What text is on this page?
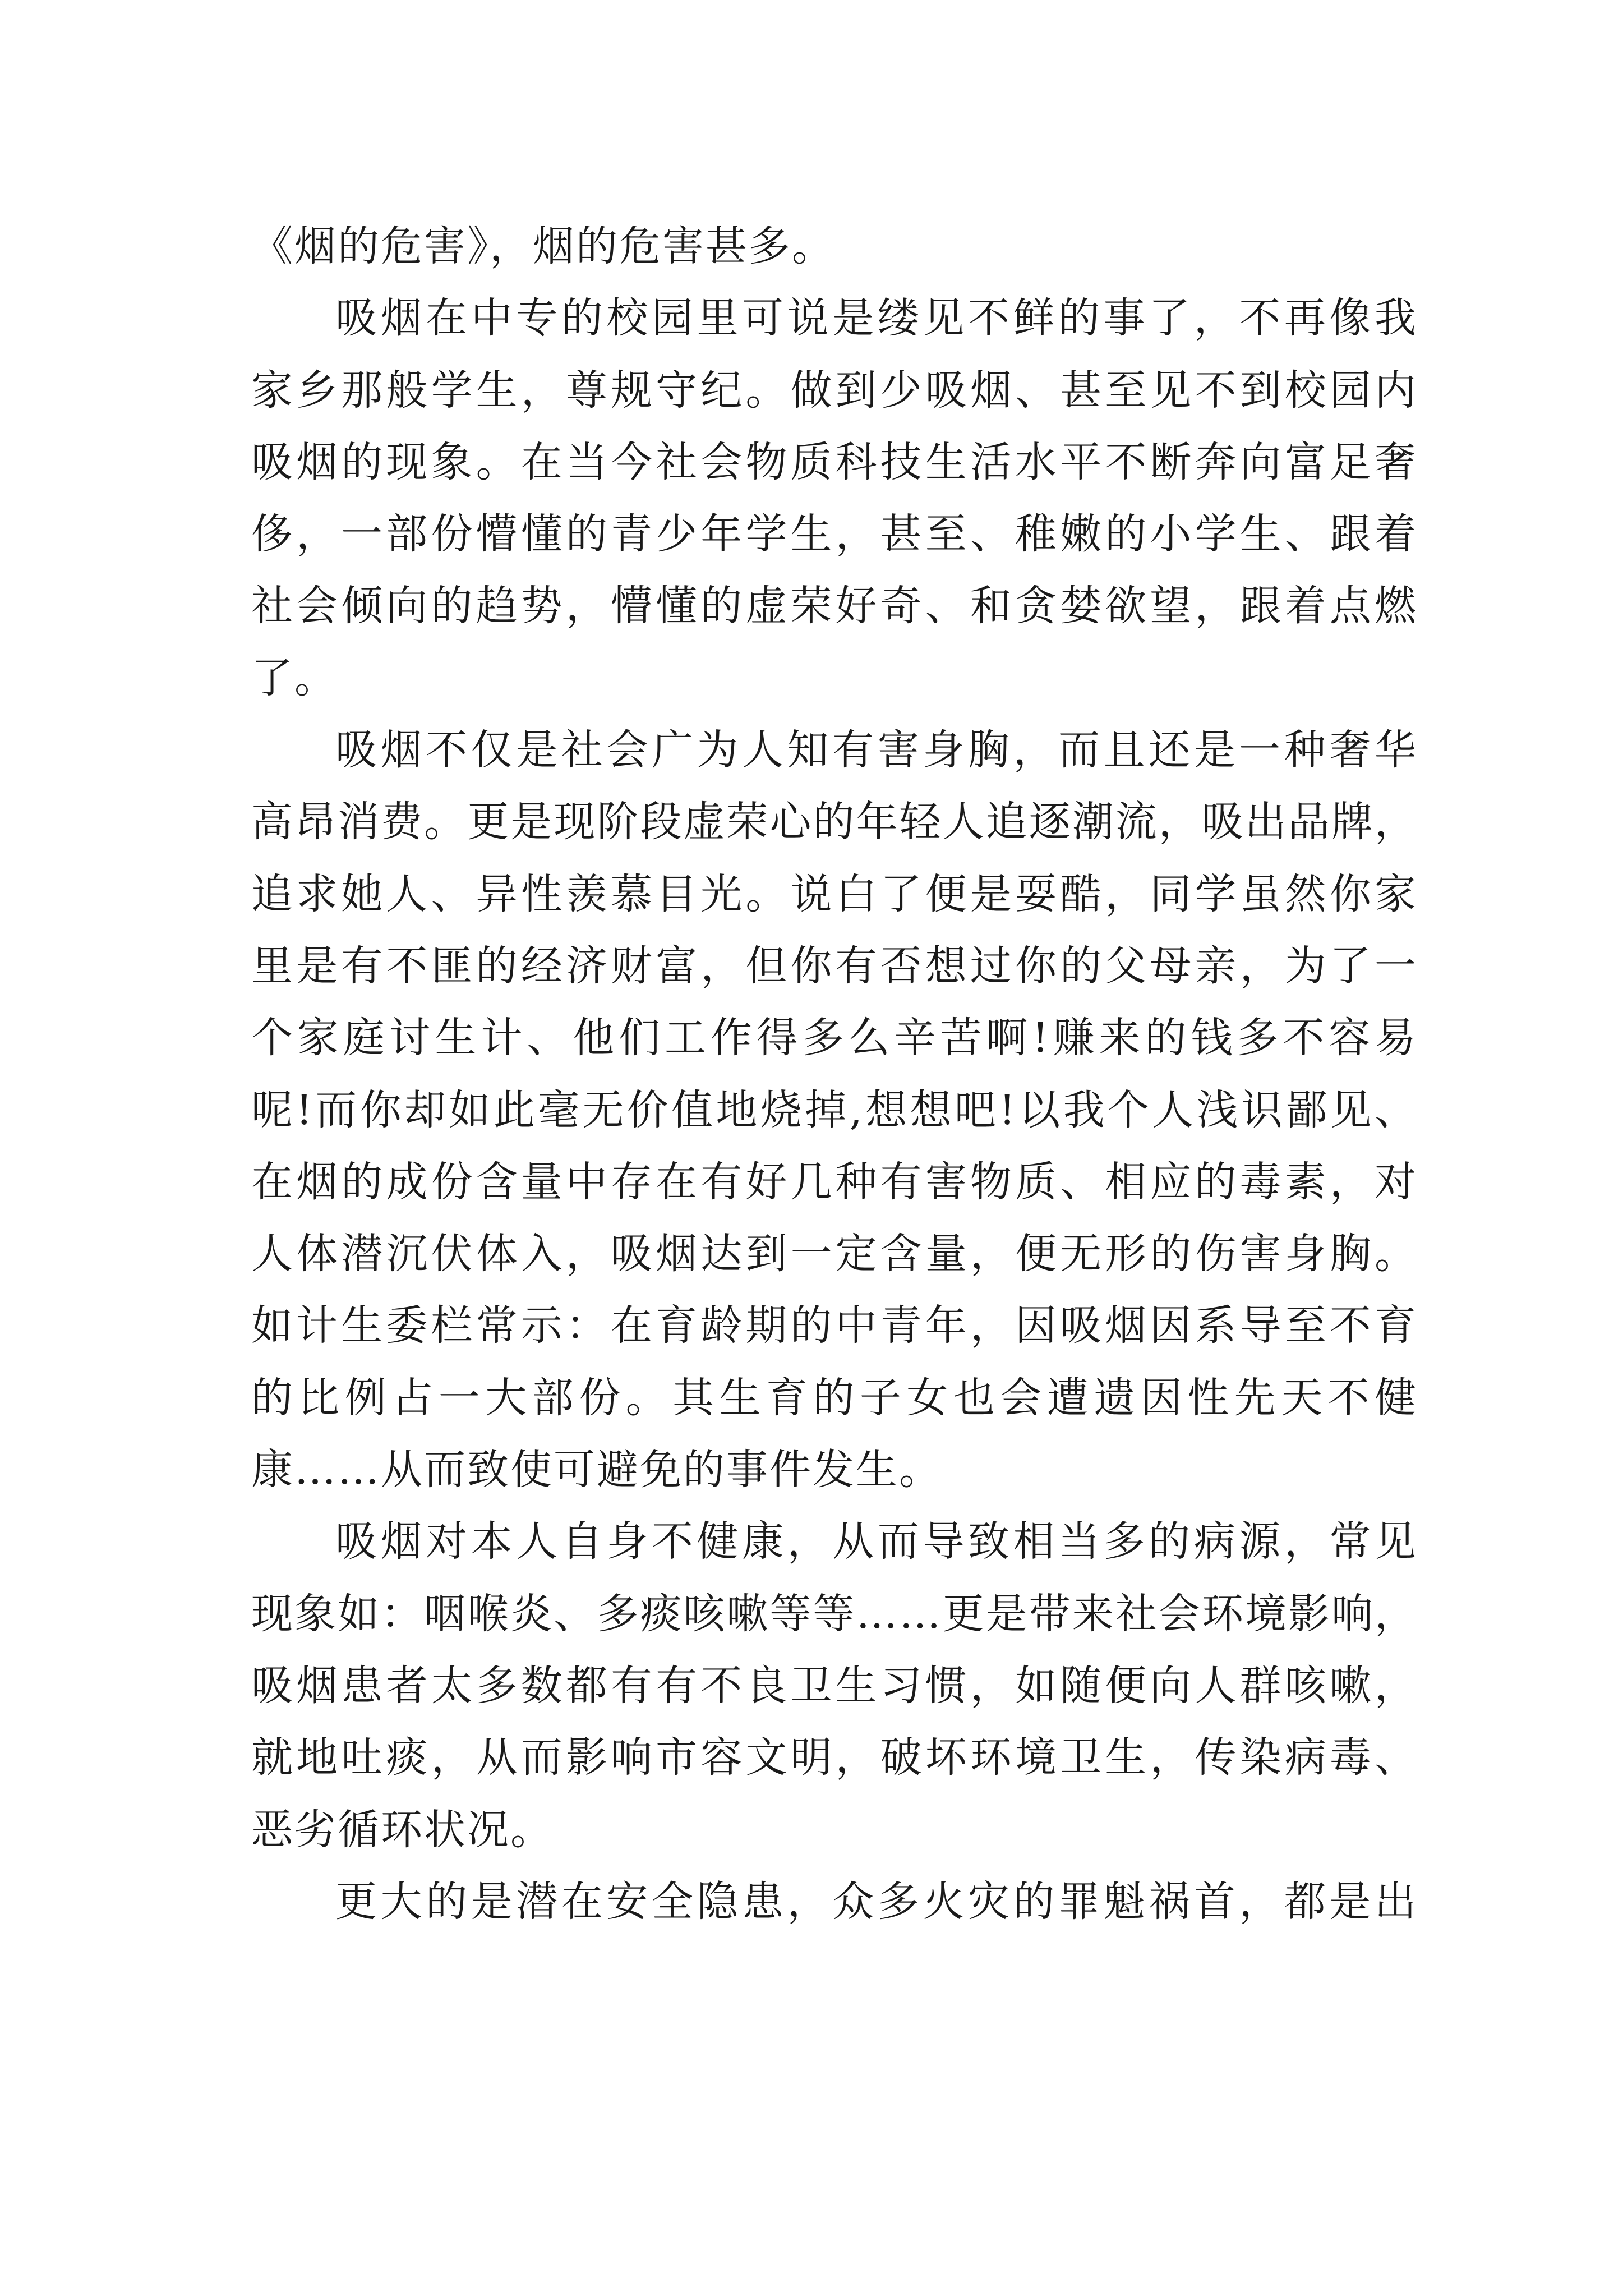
《烟的危害》，烟的危害甚多。
吸烟在中专的校园里可说是缕见不鲜的事了，不再像我
家乡那般学生，尊规守纪。做到少吸烟、甚至见不到校园内
吸烟的现象。在当今社会物质科技生活水平不断奔向富足奢
侈，一部份懵懂的青少年学生，甚至、稚嫩的小学生、跟着
社会倾向的趋势，懵懂的虚荣好奇、和贪婪欲望，跟着点燃
了。
吸烟不仅是社会广为人知有害身胸，而且还是一种奢华
高昂消费。更是现阶段虚荣心的年轻人追逐潮流，吸出品牌，
追求她人、异性羡慕目光。说白了便是耍酷，同学虽然你家
里是有不匪的经济财富，但你有否想过你的父母亲，为了一
个家庭讨生计、他们工作得多么辛苦啊!赚来的钱多不容易
呢!而你却如此毫无价值地烧掉,想想吧!以我个人浅识鄙见、
在烟的成份含量中存在有好几种有害物质、相应的毒素，对
人体潜沉伏体入，吸烟达到一定含量，便无形的伤害身胸。
如计生委栏常示：在育龄期的中青年，因吸烟因系导至不育
的比例占一大部份。其生育的子女也会遭遗因性先天不健
康……从而致使可避免的事件发生。
吸烟对本人自身不健康，从而导致相当多的病源，常见
现象如：咽喉炎、多痰咳嗽等等……更是带来社会环境影响，
吸烟患者太多数都有有不良卫生习惯，如随便向人群咳嗽，
就地吐痰，从而影响市容文明，破坏环境卫生，传染病毒、
恶劣循环状况。
更大的是潜在安全隐患，众多火灾的罪魁祸首，都是出
